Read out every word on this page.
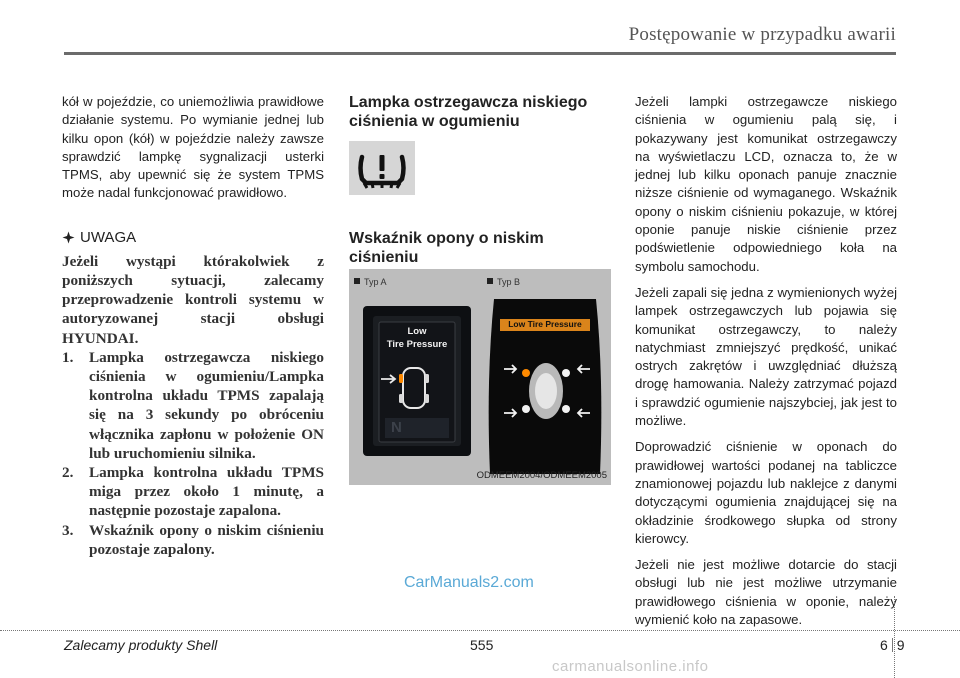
Postępowanie w przypadku awarii

kół w pojeździe, co uniemożliwia prawidłowe działanie systemu. Po wymianie jednej lub kilku opon (kół) w pojeździe należy zawsze sprawdzić lampkę sygnalizacji usterki TPMS, aby upewnić się że system TPMS może nadal funkcjonować prawidłowo.

UWAGA
Jeżeli wystąpi którakolwiek z poniższych sytuacji, zalecamy przeprowadzenie kontroli systemu w autoryzowanej stacji obsługi HYUNDAI.
1. Lampka ostrzegawcza niskiego ciśnienia w ogumieniu/Lampka kontrolna układu TPMS zapalają się na 3 sekundy po obróceniu włącznika zapłonu w położenie ON lub uruchomieniu silnika.
2. Lampka kontrolna układu TPMS miga przez około 1 minutę, a następnie pozostaje zapalona.
3. Wskaźnik opony o niskim ciśnieniu pozostaje zapalony.
Lampka ostrzegawcza niskiego ciśnienia w ogumieniu
Wskaźnik opony o niskim ciśnieniu
Typ A	Typ B
Low
Tire Pressure
N
Low Tire Pressure
ODMEEM2004/ODMEEM2005

Jeżeli lampki ostrzegawcze niskiego ciśnienia w ogumieniu palą się, i pokazywany jest komunikat ostrzegawczy na wyświetlaczu LCD, oznacza to, że w jednej lub kilku oponach panuje znacznie niższe ciśnienie od wymaganego. Wskaźnik opony o niskim ciśnieniu pokazuje, w której oponie panuje niskie ciśnienie przez podświetlenie odpowiedniego koła na symbolu samochodu.

Jeżeli zapali się jedna z wymienionych wyżej lampek ostrzegawczych lub pojawia się komunikat ostrzegawczy, to należy natychmiast zmniejszyć prędkość, unikać ostrych zakrętów i uwzględniać dłuższą drogę hamowania. Należy zatrzymać pojazd i sprawdzić ogumienie najszybciej, jak jest to możliwe.

Doprowadzić ciśnienie w oponach do prawidłowej wartości podanej na tabliczce znamionowej pojazdu lub naklejce z danymi dotyczącymi ogumienia znajdującej się na okładzinie środkowego słupka od strony kierowcy.

Jeżeli nie jest możliwe dotarcie do stacji obsługi lub nie jest możliwe utrzymanie prawidłowego ciśnienia w oponie, należy wymienić koło na zapasowe.

CarManuals2.com
Zalecamy produkty Shell	555	6 9
carmanualsonline.info
